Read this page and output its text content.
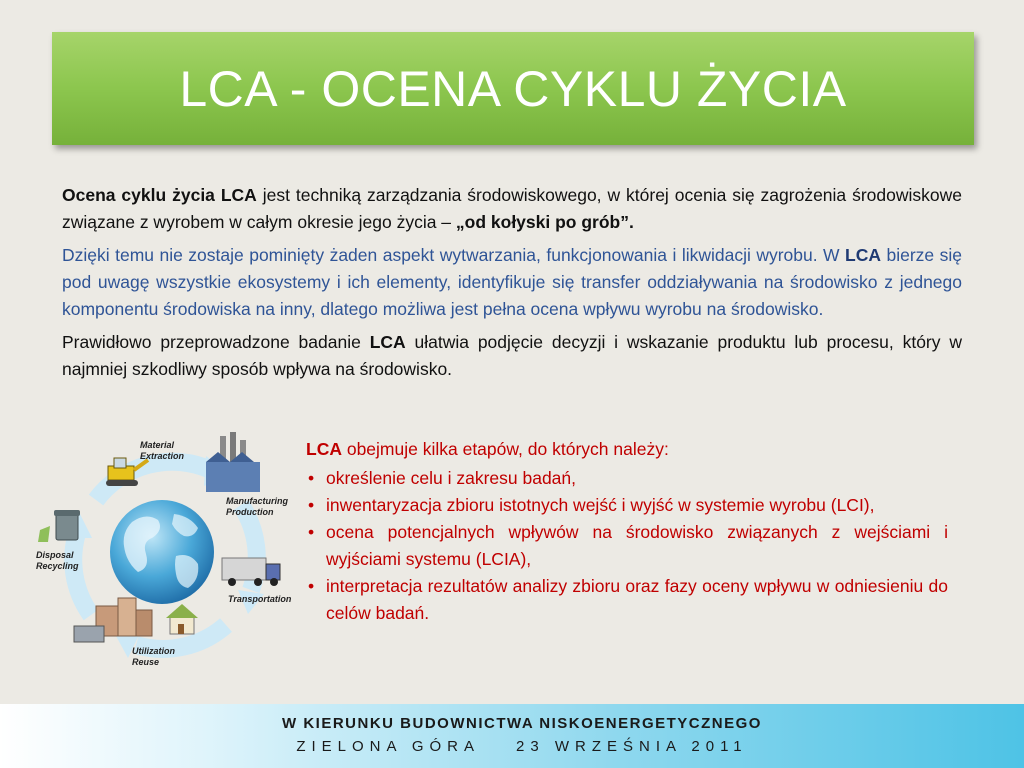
LCA - OCENA CYKLU ŻYCIA

Ocena cyklu życia LCA jest techniką zarządzania środowiskowego, w której ocenia się zagrożenia środowiskowe związane z wyrobem w całym okresie jego życia – „od kołyski po grób”.

Dzięki temu nie zostaje pominięty żaden aspekt wytwarzania, funkcjonowania i likwidacji wyrobu. W LCA bierze się pod uwagę wszystkie ekosystemy i ich elementy, identyfikuje się transfer oddziaływania na środowisko z jednego komponentu środowiska na inny, dlatego możliwa jest pełna ocena wpływu wyrobu na środowisko.

Prawidłowo przeprowadzone badanie LCA ułatwia podjęcie decyzji i wskazanie produktu lub procesu, który w najmniej szkodliwy sposób wpływa na środowisko.

Material
Extraction
Manufacturing
Production
Transportation
Utilization
Reuse
Disposal
Recycling

LCA obejmuje kilka etapów, do których należy:

• określenie celu i zakresu badań,
• inwentaryzacja zbioru istotnych wejść i wyjść w systemie wyrobu (LCI),
• ocena potencjalnych wpływów na środowisko związanych z wejściami i wyjściami systemu (LCIA),
• interpretacja rezultatów analizy zbioru oraz fazy oceny wpływu w odniesieniu do celów badań.
W KIERUNKU BUDOWNICTWA NISKOENERGETYCZNEGO
ZIELONA GÓRA 23 WRZEŚNIA 2011
